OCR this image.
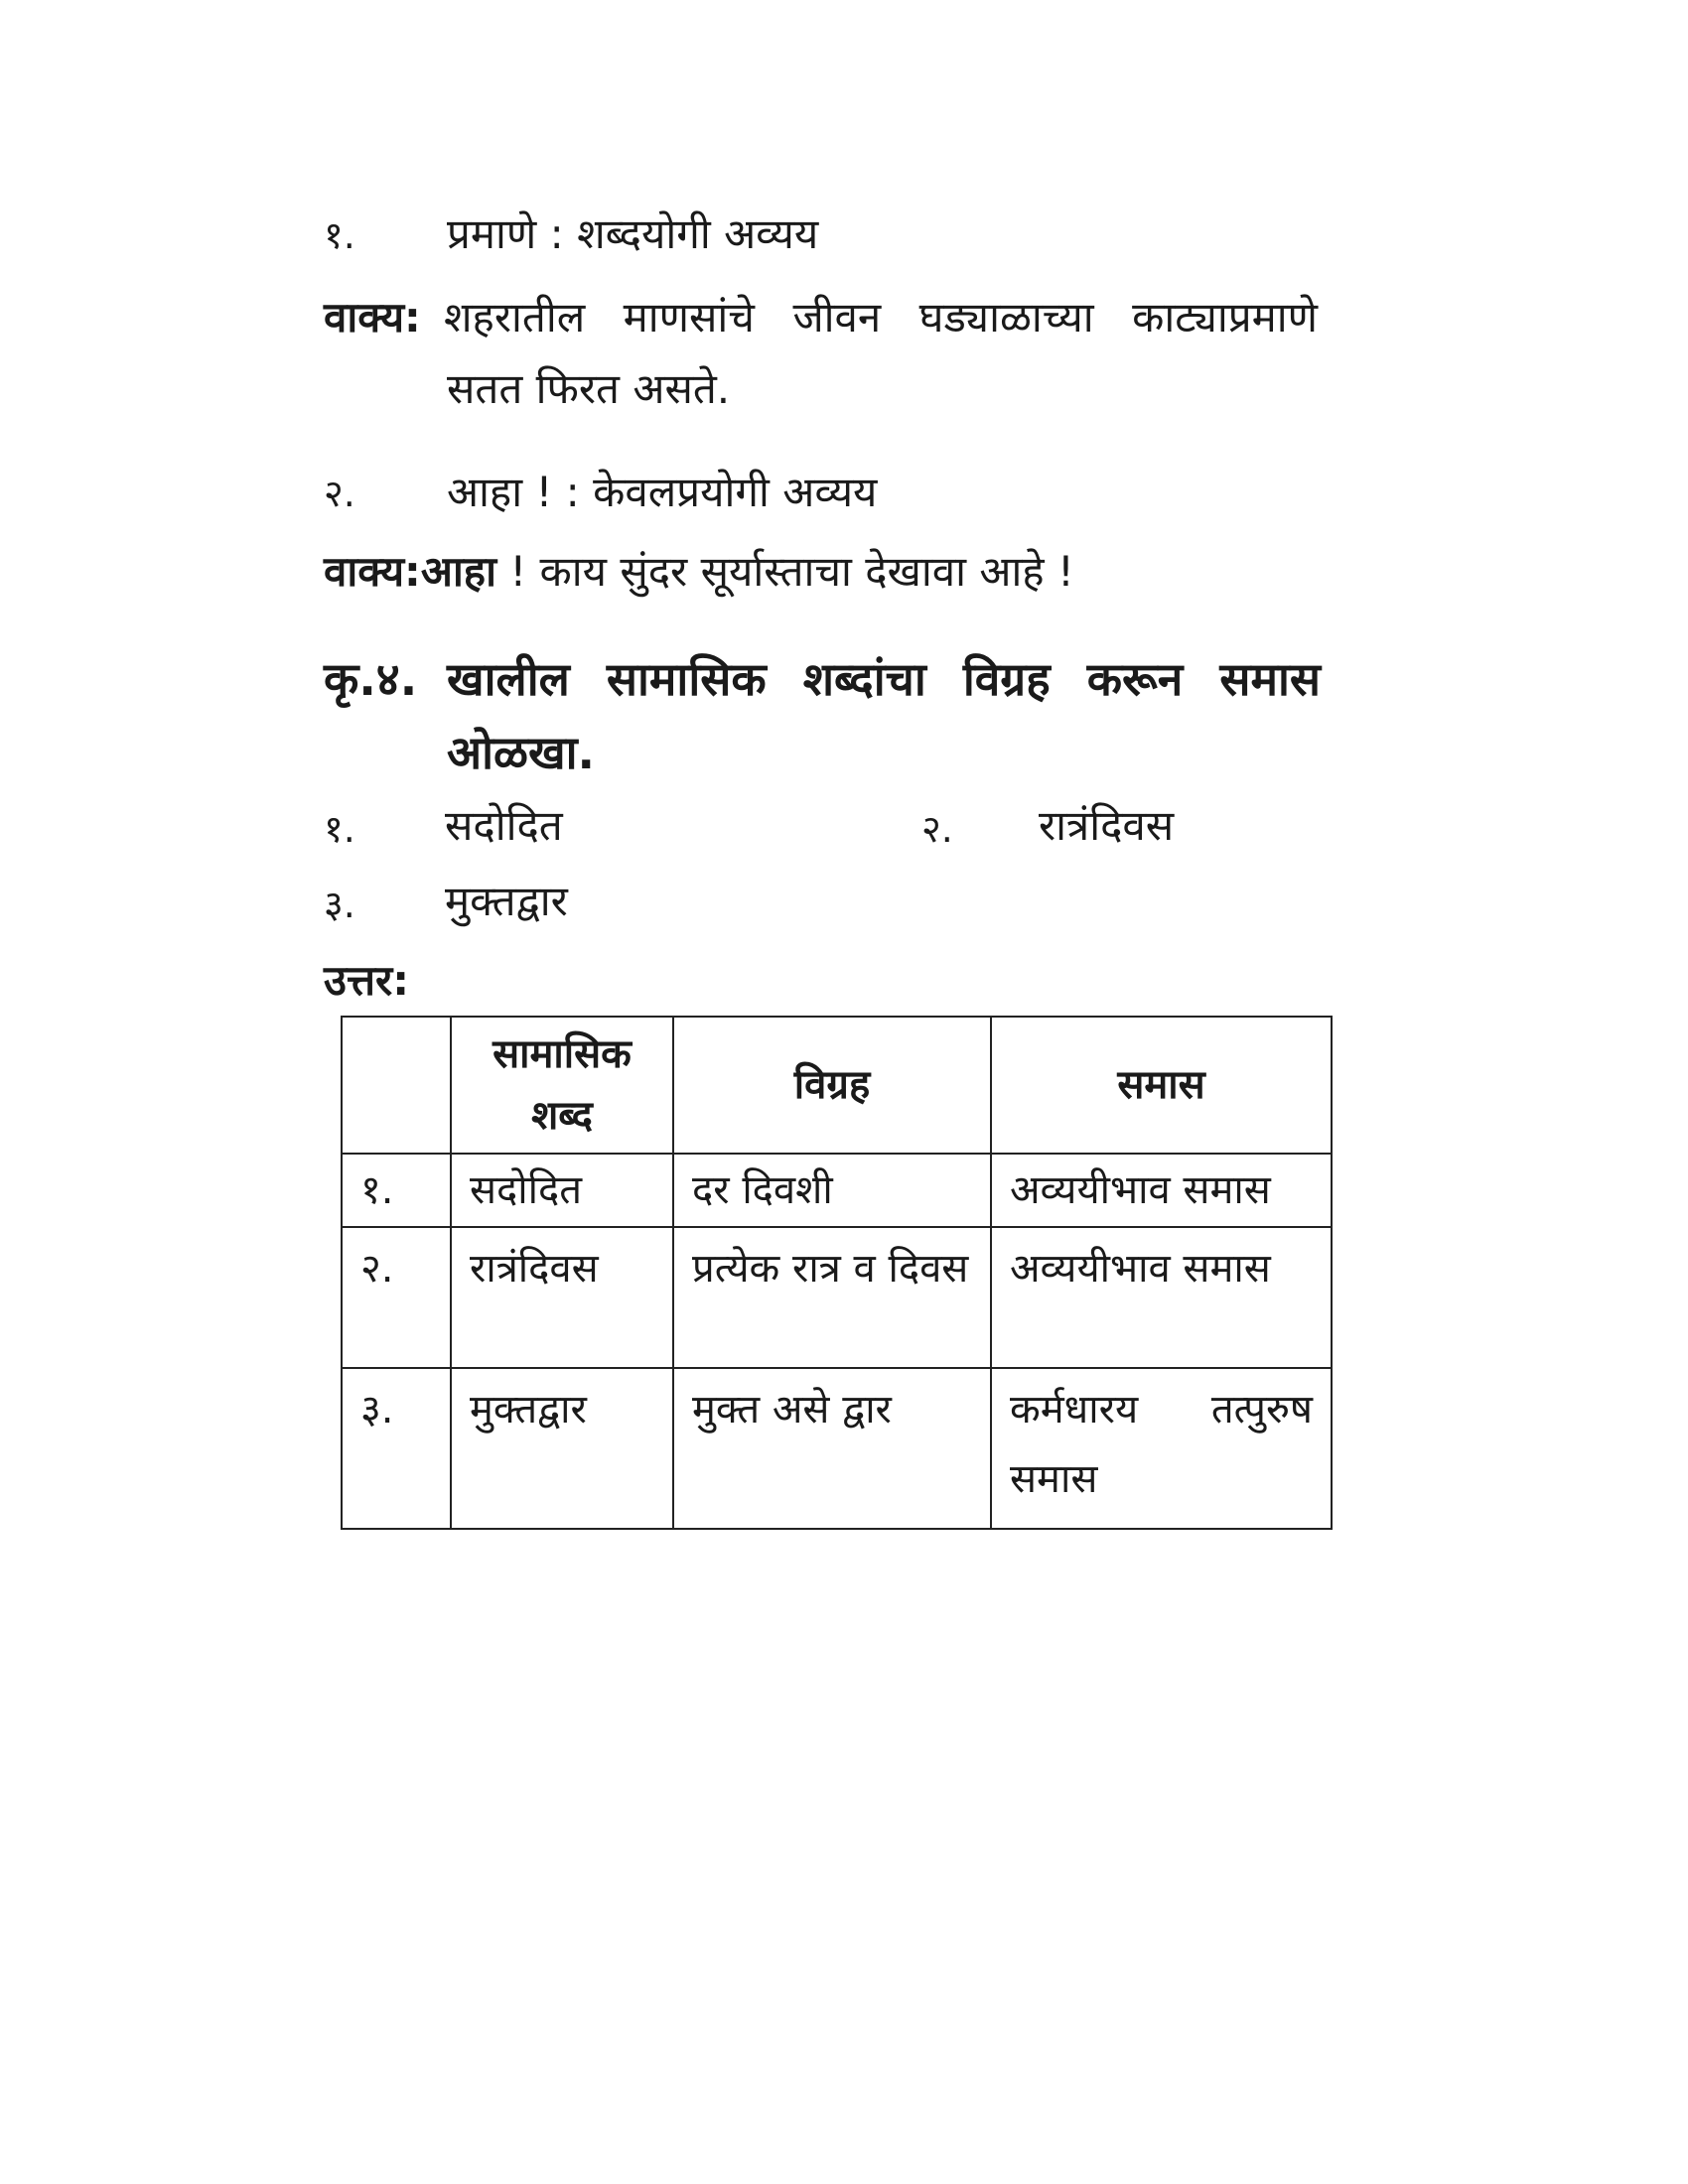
१. प्रमाणे : शब्दयोगी अव्यय
वाक्य: शहरातील माणसांचे जीवन घड्याळाच्या काट्याप्रमाणे
सतत फिरत असते.
२. आहा ! : केवलप्रयोगी अव्यय
वाक्य:आहा ! काय सुंदर सूर्यास्ताचा देखावा आहे !
कृ.४. खालील सामासिक शब्दांचा विग्रह करून समास
ओळखा.
१. सदोदित	२. रात्रंदिवस
३. मुक्तद्वार
उत्तर:
	सामासिक शब्द	विग्रह	समास
१.	सदोदित	दर दिवशी	अव्ययीभाव समास
२.	रात्रंदिवस	प्रत्येक रात्र व दिवस	अव्ययीभाव समास
३.	मुक्तद्वार	मुक्त असे द्वार	कर्मधारय तत्पुरुष समास
